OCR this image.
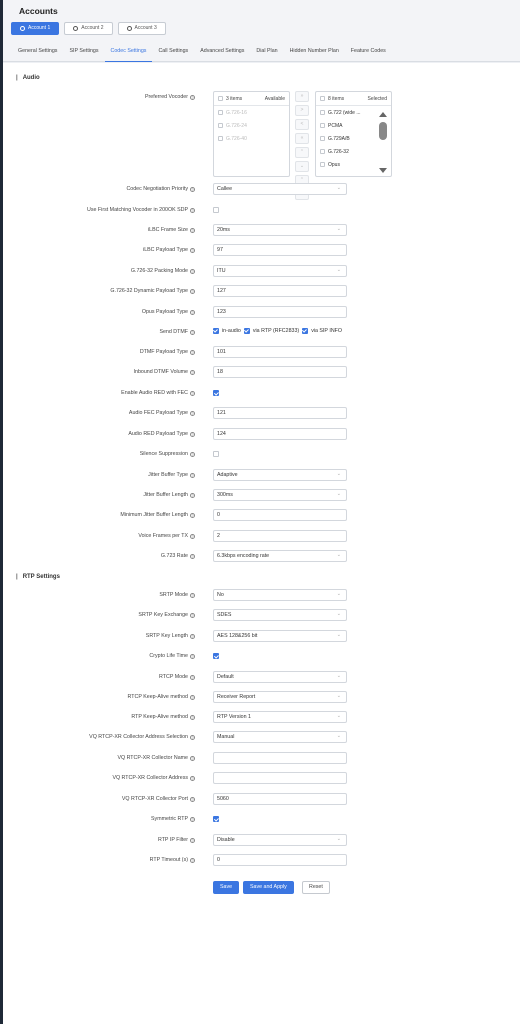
Accounts
Account 1	Account 2	Account 3
General Settings	SIP Settings	Codec Settings	Call Settings	Advanced Settings	Dial Plan	Hidden Number Plan	Feature Codes
| Audio
Preferred Vocoder	?	3 items	Available
G.726-16
G.726-24
G.726-40
»
>
<
«
⌃
⌄
⌃
8 items	Selected
G.722 (wide ...
PCMA
G.729A/B
G.726-32
Opus
Codec Negotiation Priority	?	Callee ⌄
Use First Matching Vocoder in 200OK SDP	?
iLBC Frame Size	?	20ms ⌄
iLBC Payload Type	?	97
G.726-32 Packing Mode	?	ITU ⌄
G.726-32 Dynamic Payload Type	?	127
Opus Payload Type	?	123
Send DTMF	?	in-audio via RTP (RFC2833) via SIP INFO
DTMF Payload Type	?	101
Inbound DTMF Volume	?	18
Enable Audio RED with FEC	?
Audio FEC Payload Type	?	121
Audio RED Payload Type	?	124
Silence Suppression	?
Jitter Buffer Type	?	Adaptive ⌄
Jitter Buffer Length	?	300ms ⌄
Minimum Jitter Buffer Length	?	0
Voice Frames per TX	?	2
G.723 Rate	?	6.3kbps encoding rate ⌄
| RTP Settings
SRTP Mode	?	No ⌄
SRTP Key Exchange	?	SDES ⌄
SRTP Key Length	?	AES 128&256 bit ⌄
Crypto Life Time	?
RTCP Mode	?	Default ⌄
RTCP Keep-Alive method	?	Receiver Report ⌄
RTP Keep-Alive method	?	RTP Version 1 ⌄
VQ RTCP-XR Collector Address Selection	?	Manual ⌄
VQ RTCP-XR Collector Name	?
VQ RTCP-XR Collector Address	?
VQ RTCP-XR Collector Port	?	5060
Symmetric RTP	?
RTP IP Filter	?	Disable ⌄
RTP Timeout (s)	?	0
Save	Save and Apply	Reset
